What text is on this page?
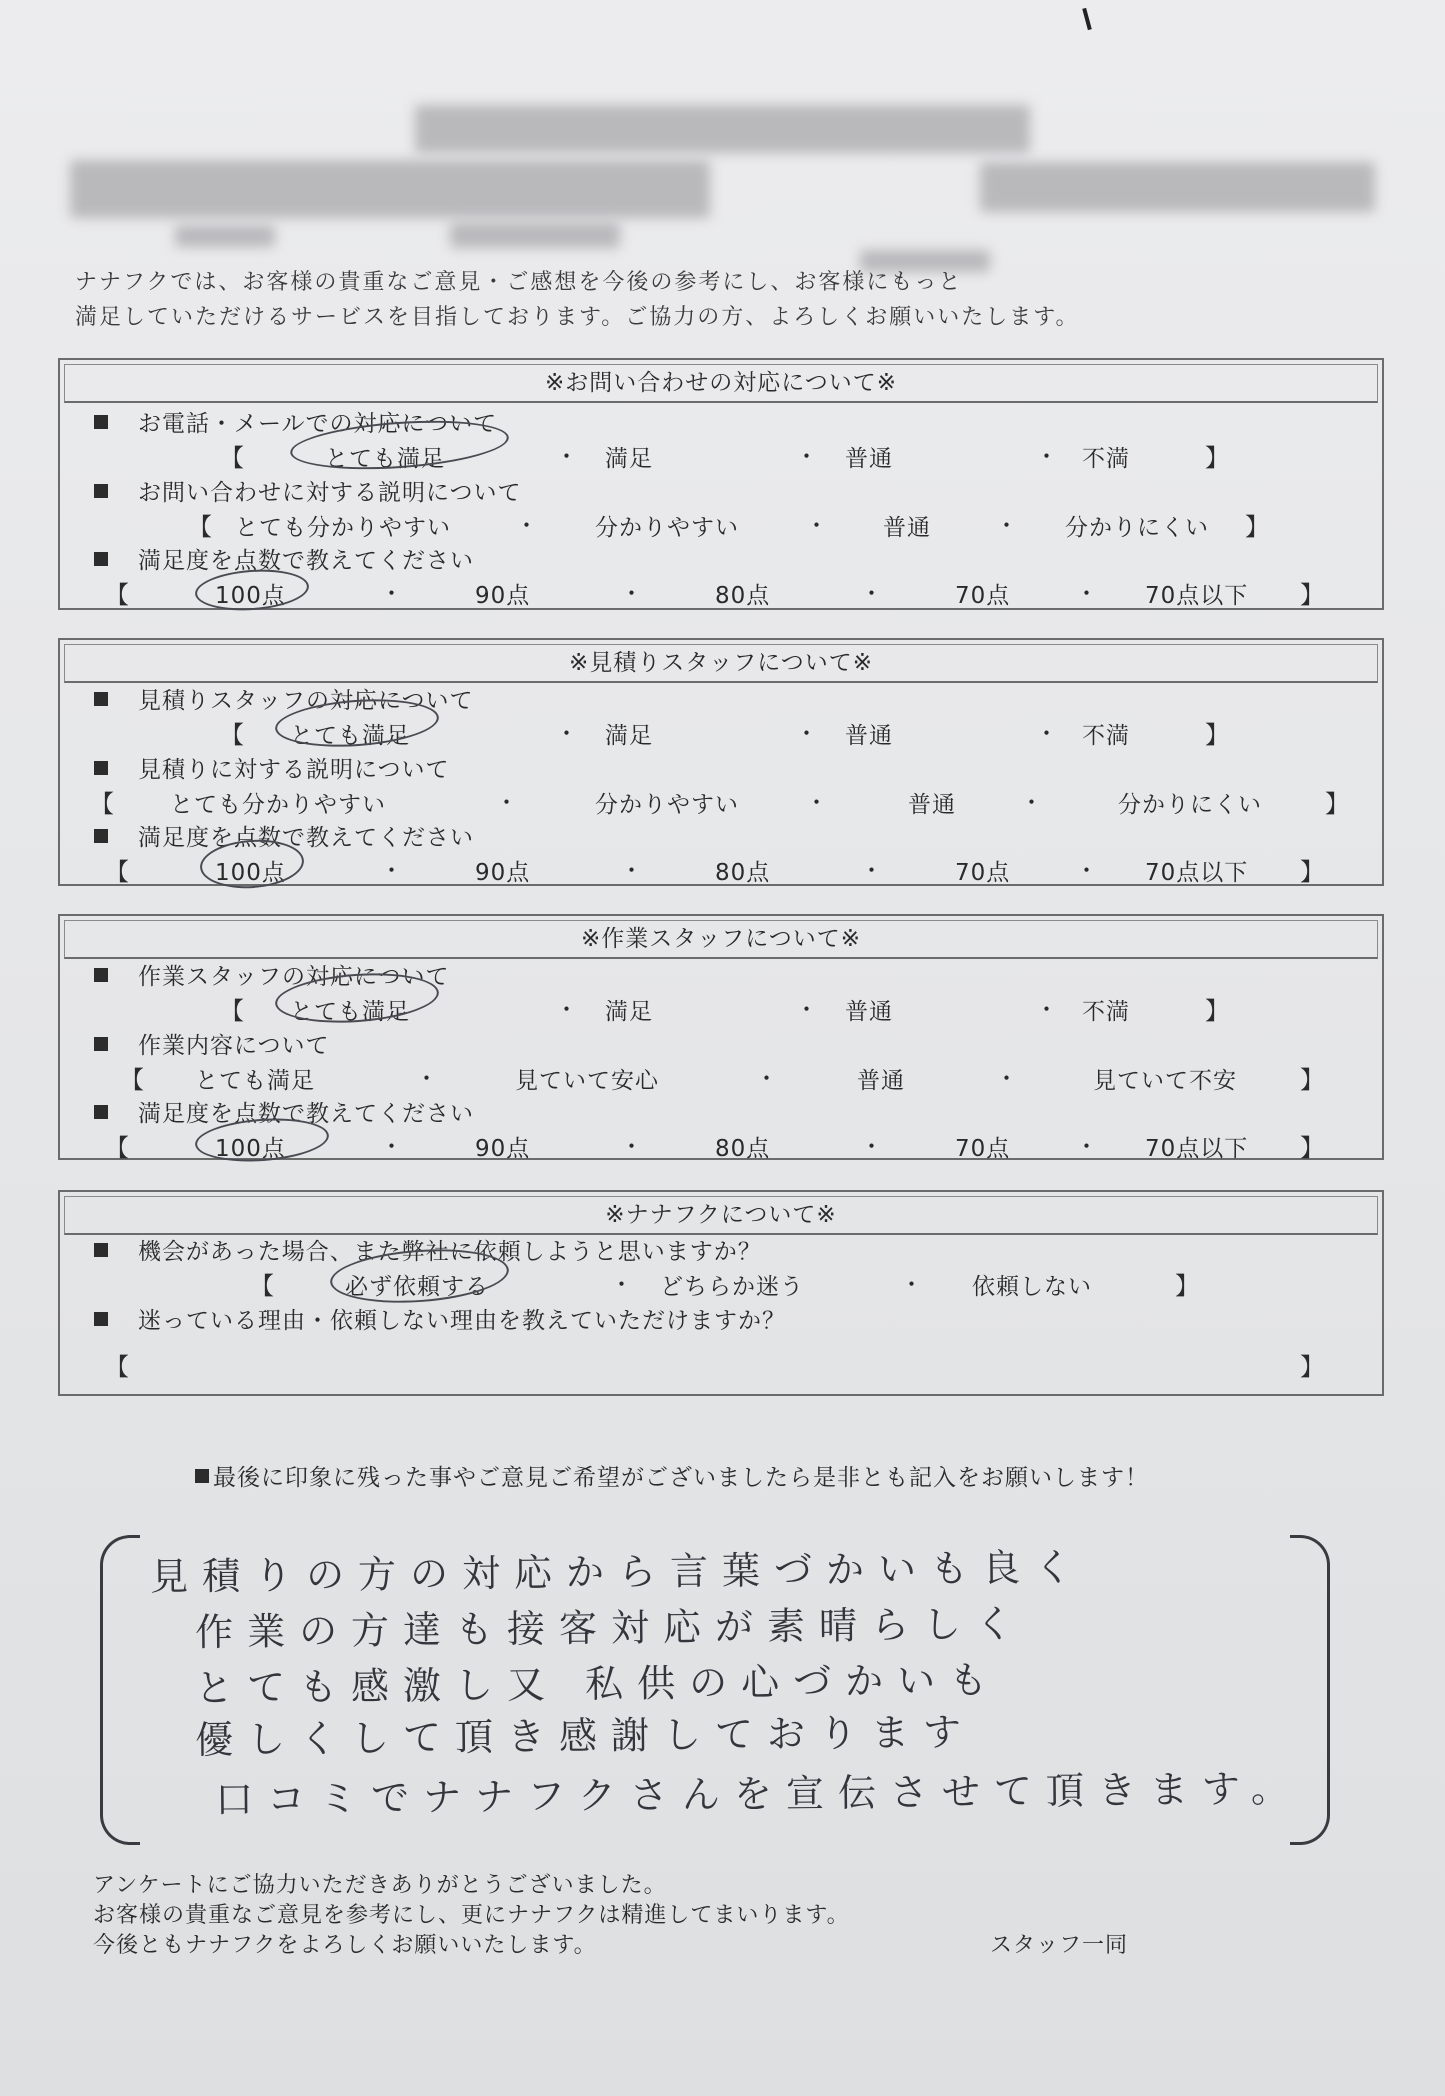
ナナフクでは、お客様の貴重なご意見・ご感想を今後の参考にし、お客様にもっと
満足していただけるサービスを目指しております。ご協力の方、よろしくお願いいたします。
※お問い合わせの対応について※
お電話・メールでの対応について
【	とても満足	・ 満足	・ 普通	・ 不満	】
お問い合わせに対する説明について
【 とても分かりやすい	・ 分かりやすい	・ 普通	・ 分かりにくい 】
満足度を点数で教えてください
【	100点	・	90点	・	80点	・	70点	・ 70点以下 】
※見積りスタッフについて※
見積りスタッフの対応について
【 とても満足	・ 満足	・ 普通	・ 不満	】
見積りに対する説明について
【 とても分かりやすい	・	分かりやすい	・	普通	・	分かりにくい	】
満足度を点数で教えてください
【	100点	・	90点	・	80点	・	70点	・ 70点以下 】
※作業スタッフについて※
作業スタッフの対応について
【 とても満足	・ 満足	・ 普通	・ 不満	】
作業内容について
【 とても満足	・	見ていて安心	・	普通	・	見ていて不安	】
満足度を点数で教えてください
【	100点	・	90点	・	80点	・	70点	・ 70点以下 】
※ナナフクについて※
機会があった場合、また弊社に依頼しようと思いますか？
【	必ず依頼する	・ どちらか迷う	・ 依頼しない	】
迷っている理由・依頼しない理由を教えていただけますか？
【	】
最後に印象に残った事やご意見ご希望がございましたら是非とも記入をお願いします！
見積りの方の対応から言葉づかいも良く
作業の方達も接客対応が素晴らしく
とても感激し又 私供の心づかいも
優しくして頂き感謝しております
口コミでナナフクさんを宣伝させて頂きます。
アンケートにご協力いただきありがとうございました。
お客様の貴重なご意見を参考にし、更にナナフクは精進してまいります。
今後ともナナフクをよろしくお願いいたします。	スタッフ一同
